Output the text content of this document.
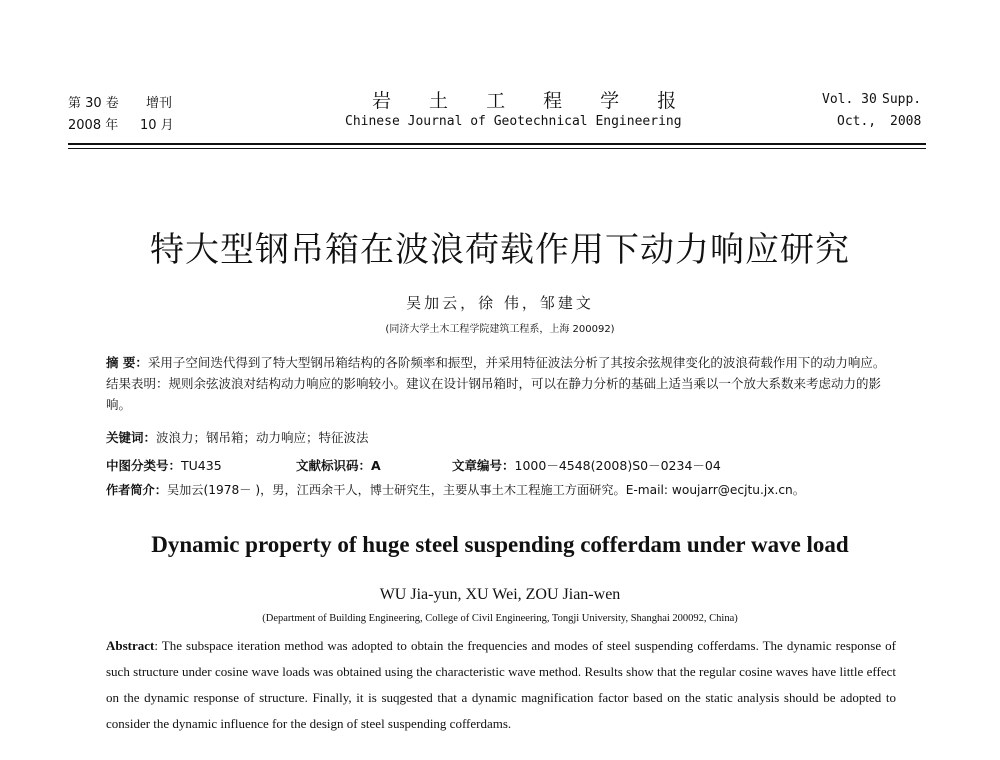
第 30 卷 增刊
2008 年 10 月
岩 土 工 程 学 报
Chinese Journal of Geotechnical Engineering
Vol. 30 Supp.
Oct., 2008
特大型钢吊箱在波浪荷载作用下动力响应研究
吴加云，徐 伟，邹建文
(同济大学土木工程学院建筑工程系，上海 200092)
摘 要：采用子空间迭代得到了特大型钢吊箱结构的各阶频率和振型，并采用特征波法分析了其按余弦规律变化的波浪荷载作用下的动力响应。结果表明：规则余弦波浪对结构动力响应的影响较小。建议在设计钢吊箱时，可以在静力分析的基础上适当乘以一个放大系数来考虑动力的影响。
关键词：波浪力；钢吊箱；动力响应；特征波法
中图分类号：TU435	文献标识码：A	文章编号：1000－4548(2008)S0－0234－04
作者简介：吴加云(1978－ )，男，江西余干人，博士研究生，主要从事土木工程施工方面研究。E-mail: woujarr@ecjtu.jx.cn。
Dynamic property of huge steel suspending cofferdam under wave load
WU Jia-yun, XU Wei, ZOU Jian-wen
(Department of Building Engineering, College of Civil Engineering, Tongji University, Shanghai 200092, China)
Abstract: The subspace iteration method was adopted to obtain the frequencies and modes of steel suspending cofferdams. The dynamic response of such structure under cosine wave loads was obtained using the characteristic wave method. Results show that the regular cosine waves have little effect on the dynamic response of structure. Finally, it is suqgested that a dynamic magnification factor based on the static analysis should be adopted to consider the dynamic influence for the design of steel suspending cofferdams.
